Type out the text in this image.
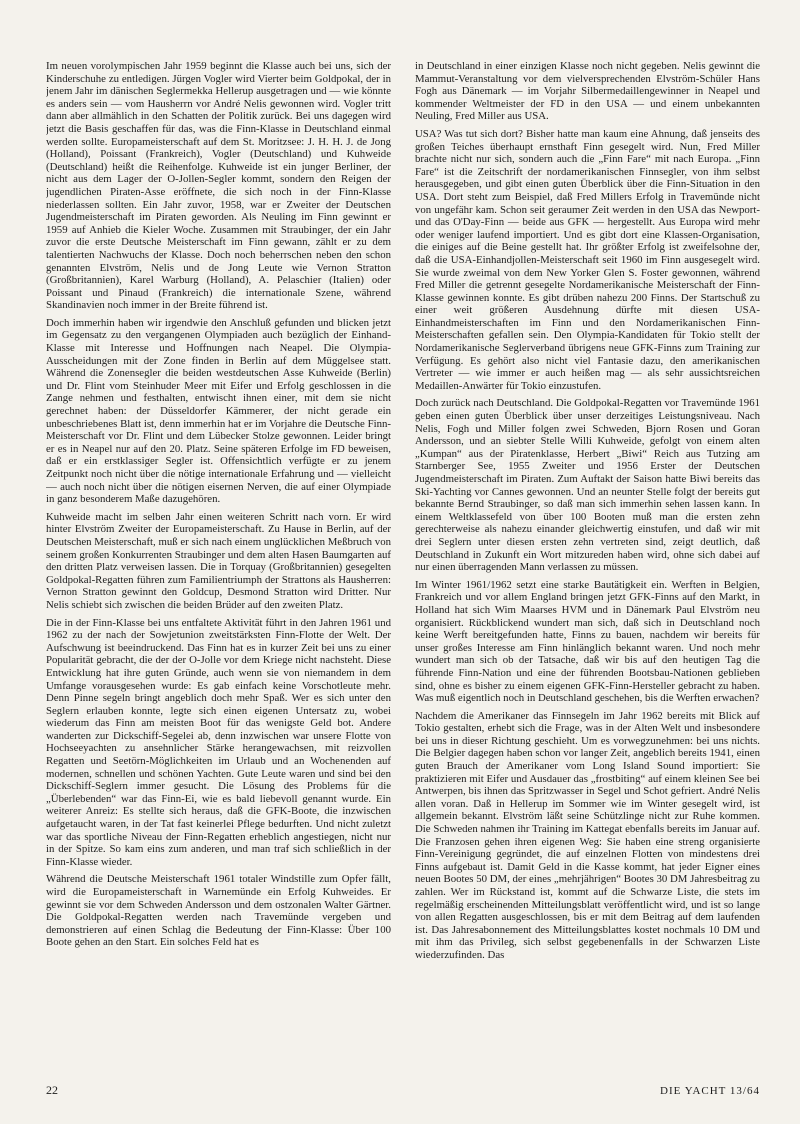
Im neuen vorolympischen Jahr 1959 beginnt die Klasse auch bei uns, sich der Kinderschuhe zu entledigen. Jürgen Vogler wird Vierter beim Goldpokal, der in jenem Jahr im dänischen Seglermekka Hellerup ausgetragen und — wie könnte es anders sein — vom Hausherrn vor André Nelis gewonnen wird. Vogler tritt dann aber allmählich in den Schatten der Politik zurück. Bei uns dagegen wird jetzt die Basis geschaffen für das, was die Finn-Klasse in Deutschland einmal werden sollte. Europameisterschaft auf dem St. Moritzsee: J. H. H. J. de Jong (Holland), Poissant (Frankreich), Vogler (Deutschland) und Kuhweide (Deutschland) heißt die Reihenfolge. Kuhweide ist ein junger Berliner, der nicht aus dem Lager der O-Jollen-Segler kommt, sondern den Reigen der jugendlichen Piraten-Asse eröffnete, die sich noch in der Finn-Klasse niederlassen sollten. Ein Jahr zuvor, 1958, war er Zweiter der Deutschen Jugendmeisterschaft im Piraten geworden. Als Neuling im Finn gewinnt er 1959 auf Anhieb die Kieler Woche. Zusammen mit Straubinger, der ein Jahr zuvor die erste Deutsche Meisterschaft im Finn gewann, zählt er zu dem talentierten Nachwuchs der Klasse. Doch noch beherrschen neben den schon genannten Elvström, Nelis und de Jong Leute wie Vernon Stratton (Großbritannien), Karel Warburg (Holland), A. Pelaschier (Italien) oder Poissant und Pinaud (Frankreich) die internationale Szene, während Skandinavien noch immer in der Breite führend ist.

Doch immerhin haben wir irgendwie den Anschluß gefunden und blicken jetzt im Gegensatz zu den vergangenen Olympiaden auch bezüglich der Einhand-Klasse mit Interesse und Hoffnungen nach Neapel. Die Olympia-Ausscheidungen mit der Zone finden in Berlin auf dem Müggelsee statt. Während die Zonensegler die beiden westdeutschen Asse Kuhweide (Berlin) und Dr. Flint vom Steinhuder Meer mit Eifer und Erfolg geschlossen in die Zange nehmen und festhalten, entwischt ihnen einer, mit dem sie nicht gerechnet haben: der Düsseldorfer Kämmerer, der nicht gerade ein unbeschriebenes Blatt ist, denn immerhin hat er im Vorjahre die Deutsche Finn-Meisterschaft vor Dr. Flint und dem Lübecker Stolze gewonnen. Leider bringt er es in Neapel nur auf den 20. Platz. Seine späteren Erfolge im FD beweisen, daß er ein erstklassiger Segler ist. Offensichtlich verfügte er zu jenem Zeitpunkt noch nicht über die nötige internationale Erfahrung und — vielleicht — auch noch nicht über die nötigen eisernen Nerven, die auf einer Olympiade in ganz besonderem Maße dazugehören.

Kuhweide macht im selben Jahr einen weiteren Schritt nach vorn. Er wird hinter Elvström Zweiter der Europameisterschaft. Zu Hause in Berlin, auf der Deutschen Meisterschaft, muß er sich nach einem unglücklichen Meßbruch von seinem großen Konkurrenten Straubinger und dem alten Hasen Baumgarten auf den dritten Platz verweisen lassen. Die in Torquay (Großbritannien) gesegelten Goldpokal-Regatten führen zum Familientriumph der Strattons als Hausherren: Vernon Stratton gewinnt den Goldcup, Desmond Stratton wird Dritter. Nur Nelis schiebt sich zwischen die beiden Brüder auf den zweiten Platz.

Die in der Finn-Klasse bei uns entfaltete Aktivität führt in den Jahren 1961 und 1962 zu der nach der Sowjetunion zweitstärksten Finn-Flotte der Welt. Der Aufschwung ist beeindruckend. Das Finn hat es in kurzer Zeit bei uns zu einer Popularität gebracht, die der der O-Jolle vor dem Kriege nicht nachsteht. Diese Entwicklung hat ihre guten Gründe, auch wenn sie von niemandem in dem Umfange vorausgesehen wurde: Es gab einfach keine Vorschotleute mehr. Denn Pinne segeln bringt angeblich doch mehr Spaß. Wer es sich unter den Seglern erlauben konnte, legte sich einen eigenen Untersatz zu, wobei wiederum das Finn am meisten Boot für das wenigste Geld bot. Andere wanderten zur Dickschiff-Segelei ab, denn inzwischen war unsere Flotte von Hochseeyachten zu ansehnlicher Stärke herangewachsen, mit reizvollen Regatten und Seetörn-Möglichkeiten im Urlaub und an Wochenenden auf modernen, schnellen und schönen Yachten. Gute Leute waren und sind bei den Dickschiff-Seglern immer gesucht. Die Lösung des Problems für die „Überlebenden“ war das Finn-Ei, wie es bald liebevoll genannt wurde. Ein weiterer Anreiz: Es stellte sich heraus, daß die GFK-Boote, die inzwischen aufgetaucht waren, in der Tat fast keinerlei Pflege bedurften. Und nicht zuletzt war das sportliche Niveau der Finn-Regatten erheblich angestiegen, nicht nur in der Spitze. So kam eins zum anderen, und man traf sich schließlich in der Finn-Klasse wieder.

Während die Deutsche Meisterschaft 1961 totaler Windstille zum Opfer fällt, wird die Europameisterschaft in Warnemünde ein Erfolg Kuhweides. Er gewinnt sie vor dem Schweden Andersson und dem ostzonalen Walter Gärtner. Die Goldpokal-Regatten werden nach Travemünde vergeben und demonstrieren auf einen Schlag die Bedeutung der Finn-Klasse: Über 100 Boote gehen an den Start. Ein solches Feld hat es

in Deutschland in einer einzigen Klasse noch nicht gegeben. Nelis gewinnt die Mammut-Veranstaltung vor dem vielversprechenden Elvström-Schüler Hans Fogh aus Dänemark — im Vorjahr Silbermedaillengewinner in Neapel und kommender Weltmeister der FD in den USA — und einem unbekannten Neuling, Fred Miller aus USA.

USA? Was tut sich dort? Bisher hatte man kaum eine Ahnung, daß jenseits des großen Teiches überhaupt ernsthaft Finn gesegelt wird. Nun, Fred Miller brachte nicht nur sich, sondern auch die „Finn Fare“ mit nach Europa. „Finn Fare“ ist die Zeitschrift der nordamerikanischen Finnsegler, von ihm selbst herausgegeben, und gibt einen guten Überblick über die Finn-Situation in den USA. Dort steht zum Beispiel, daß Fred Millers Erfolg in Travemünde nicht von ungefähr kam. Schon seit geraumer Zeit werden in den USA das Newport- und das O'Day-Finn — beide aus GFK — hergestellt. Aus Europa wird mehr oder weniger laufend importiert. Und es gibt dort eine Klassen-Organisation, die einiges auf die Beine gestellt hat. Ihr größter Erfolg ist zweifelsohne der, daß die USA-Einhandjollen-Meisterschaft seit 1960 im Finn ausgesegelt wird. Sie wurde zweimal von dem New Yorker Glen S. Foster gewonnen, während Fred Miller die getrennt gesegelte Nordamerikanische Meisterschaft der Finn-Klasse gewinnen konnte. Es gibt drüben nahezu 200 Finns. Der Startschuß zu einer weit größeren Ausdehnung dürfte mit diesen USA-Einhandmeisterschaften im Finn und den Nordamerikanischen Finn-Meisterschaften gefallen sein. Den Olympia-Kandidaten für Tokio stellt der Nordamerikanische Seglerverband übrigens neue GFK-Finns zum Training zur Verfügung. Es gehört also nicht viel Fantasie dazu, den amerikanischen Vertreter — wie immer er auch heißen mag — als sehr aussichtsreichen Medaillen-Anwärter für Tokio einzustufen.

Doch zurück nach Deutschland. Die Goldpokal-Regatten vor Travemünde 1961 geben einen guten Überblick über unser derzeitiges Leistungsniveau. Nach Nelis, Fogh und Miller folgen zwei Schweden, Bjorn Rosen und Goran Andersson, und an siebter Stelle Willi Kuhweide, gefolgt von einem alten „Kumpan“ aus der Piratenklasse, Herbert „Biwi“ Reich aus Tutzing am Starnberger See, 1955 Zweiter und 1956 Erster der Deutschen Jugendmeisterschaft im Piraten. Zum Auftakt der Saison hatte Biwi bereits das Ski-Yachting vor Cannes gewonnen. Und an neunter Stelle folgt der bereits gut bekannte Bernd Straubinger, so daß man sich immerhin sehen lassen kann. In einem Weltklassefeld von über 100 Booten muß man die ersten zehn gerechterweise als nahezu einander gleichwertig einstufen, und daß wir mit drei Seglern unter diesen ersten zehn vertreten sind, zeigt deutlich, daß Deutschland in Zukunft ein Wort mitzureden haben wird, ohne sich dabei auf nur einen überragenden Mann verlassen zu müssen.

Im Winter 1961/1962 setzt eine starke Bautätigkeit ein. Werften in Belgien, Frankreich und vor allem England bringen jetzt GFK-Finns auf den Markt, in Holland hat sich Wim Maarses HVM und in Dänemark Paul Elvström neu organisiert. Rückblickend wundert man sich, daß sich in Deutschland noch keine Werft bereitgefunden hatte, Finns zu bauen, nachdem wir bereits für unser großes Interesse am Finn hinlänglich bekannt waren. Und noch mehr wundert man sich ob der Tatsache, daß wir bis auf den heutigen Tag die führende Finn-Nation und eine der führenden Bootsbau-Nationen geblieben sind, ohne es bisher zu einem eigenen GFK-Finn-Hersteller gebracht zu haben. Was muß eigentlich noch in Deutschland geschehen, bis die Werften erwachen?

Nachdem die Amerikaner das Finnsegeln im Jahr 1962 bereits mit Blick auf Tokio gestalten, erhebt sich die Frage, was in der Alten Welt und insbesondere bei uns in dieser Richtung geschieht. Um es vorwegzunehmen: bei uns nichts. Die Belgier dagegen haben schon vor langer Zeit, angeblich bereits 1941, einen guten Brauch der Amerikaner vom Long Island Sound importiert: Sie praktizieren mit Eifer und Ausdauer das „frostbiting“ auf einem kleinen See bei Antwerpen, bis ihnen das Spritzwasser in Segel und Schot gefriert. André Nelis allen voran. Daß in Hellerup im Sommer wie im Winter gesegelt wird, ist allgemein bekannt. Elvström läßt seine Schützlinge nicht zur Ruhe kommen. Die Schweden nahmen ihr Training im Kattegat ebenfalls bereits im Januar auf. Die Franzosen gehen ihren eigenen Weg: Sie haben eine streng organisierte Finn-Vereinigung gegründet, die auf einzelnen Flotten von mindestens drei Finns aufgebaut ist. Damit Geld in die Kasse kommt, hat jeder Eigner eines neuen Bootes 50 DM, der eines „mehrjährigen“ Bootes 30 DM Jahresbeitrag zu zahlen. Wer im Rückstand ist, kommt auf die Schwarze Liste, die stets im regelmäßig erscheinenden Mitteilungsblatt veröffentlicht wird, und ist so lange von allen Regatten ausgeschlossen, bis er mit dem Beitrag auf dem laufenden ist. Das Jahresabonnement des Mitteilungsblattes kostet nochmals 10 DM und mit ihm das Privileg, sich selbst gegebenenfalls in der Schwarzen Liste wiederzufinden. Das

22	DIE YACHT 13/64
